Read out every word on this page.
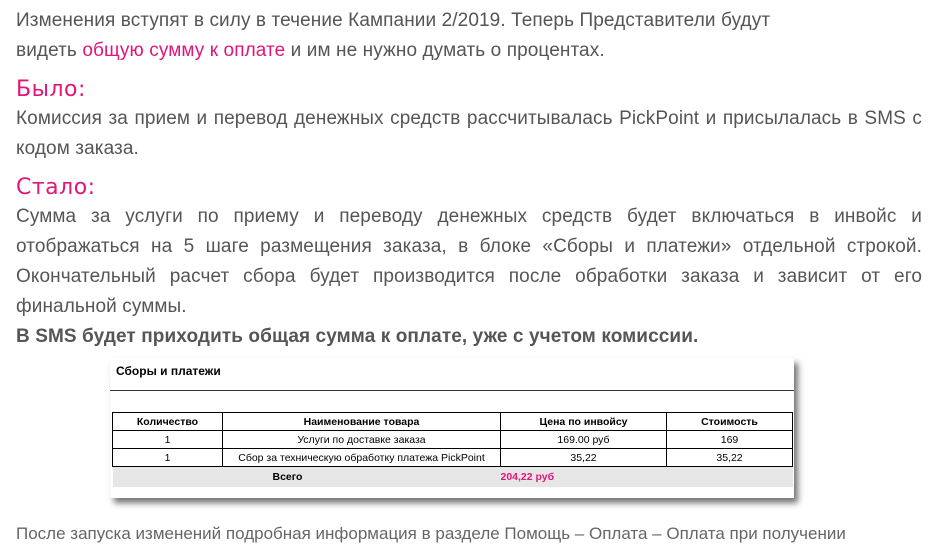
Изменения вступят в силу в течение Кампании 2/2019. Теперь Представители будут
видеть общую сумму к оплате и им не нужно думать о процентах.
Было:
Комиссия за прием и перевод денежных средств рассчитывалась PickPoint и присылалась в SMS с кодом заказа.
Стало:
Сумма за услуги по приему и переводу денежных средств будет включаться в инвойс и отображаться на 5 шаге размещения заказа, в блоке «Сборы и платежи» отдельной строкой. Окончательный расчет сбора будет производится после обработки заказа и зависит от его финальной суммы.
В SMS будет приходить общая сумма к оплате, уже с учетом комиссии.
Сборы и платежи
Количество	Наименование товара	Цена по инвойсу	Стоимость
1	Услуги по доставке заказа	169.00 руб	169
1	Сбор за техническую обработку платежа PickPoint	35,22	35,22
	Всего	204,22 руб	
После запуска изменений подробная информация в разделе Помощь – Оплата – Оплата при получении
